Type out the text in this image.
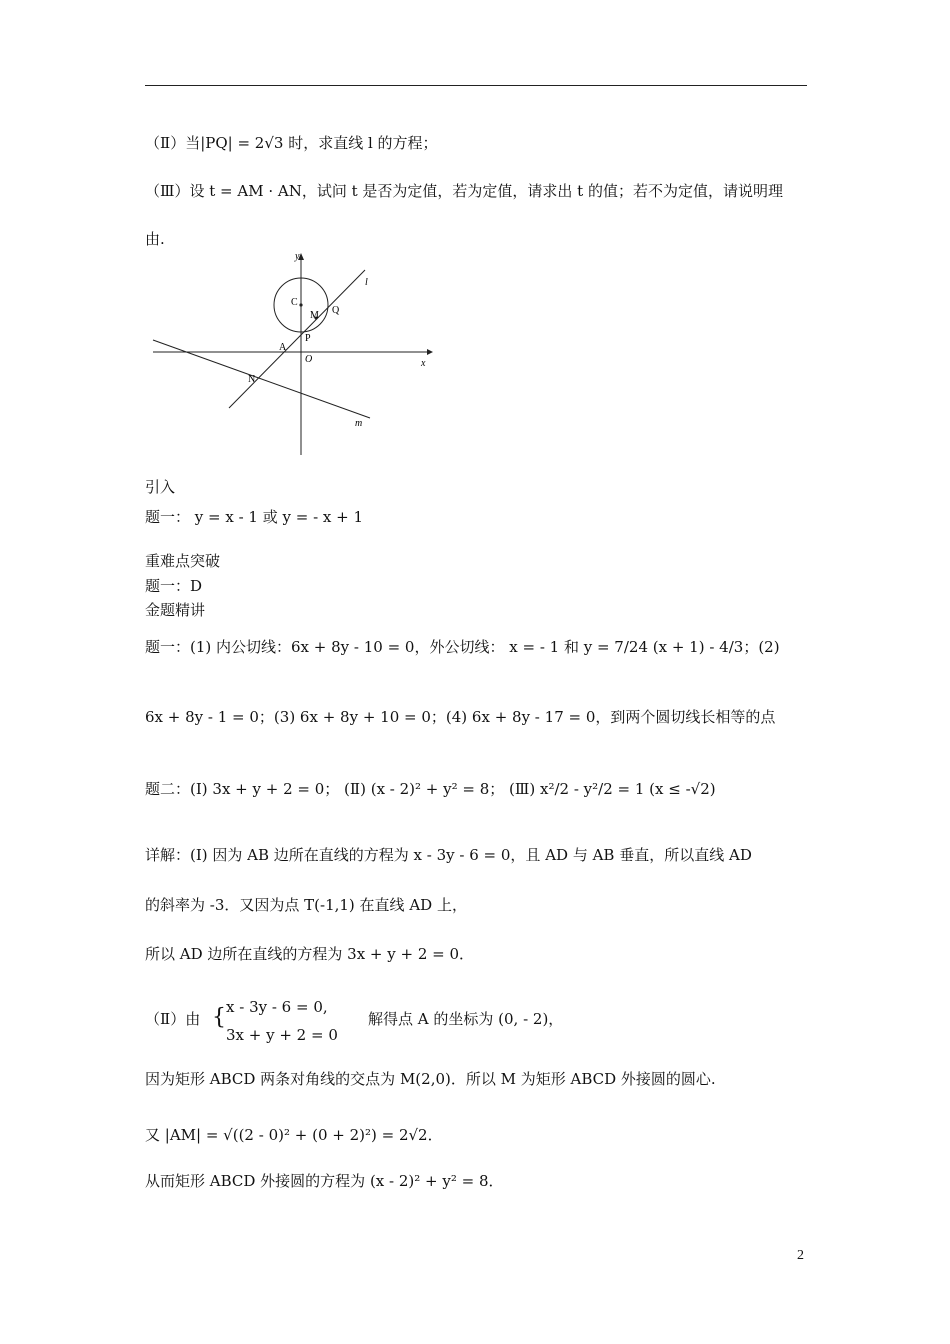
（Ⅱ）当|PQ| = 2√3 时，求直线 l 的方程；
（Ⅲ）设 t = AM · AN，试问 t 是否为定值，若为定值，请求出 t 的值；若不为定值，请说明理
由.
y
x
C
M Q
P
A
O
N
l
m
引入
题一： y = x - 1 或 y = - x + 1
重难点突破
题一：D
金题精讲
题一：(1) 内公切线：6x + 8y - 10 = 0，外公切线： x = - 1 和 y = 7/24 (x + 1) - 4/3；(2)
6x + 8y - 1 = 0；(3) 6x + 8y + 10 = 0；(4) 6x + 8y - 17 = 0，到两个圆切线长相等的点
题二：(Ⅰ) 3x + y + 2 = 0； (Ⅱ) (x - 2)² + y² = 8； (Ⅲ) x²/2 - y²/2 = 1 (x ≤ -√2)
详解：(Ⅰ) 因为 AB 边所在直线的方程为 x - 3y - 6 = 0，且 AD 与 AB 垂直，所以直线 AD
的斜率为 -3．又因为点 T(-1,1) 在直线 AD 上，
所以 AD 边所在直线的方程为 3x + y + 2 = 0．
（Ⅱ）由 { x - 3y - 6 = 0,
3x + y + 2 = 0
解得点 A 的坐标为 (0, - 2)，
因为矩形 ABCD 两条对角线的交点为 M(2,0)．所以 M 为矩形 ABCD 外接圆的圆心.
又 |AM| = √((2 - 0)² + (0 + 2)²) = 2√2．
从而矩形 ABCD 外接圆的方程为 (x - 2)² + y² = 8．
2
